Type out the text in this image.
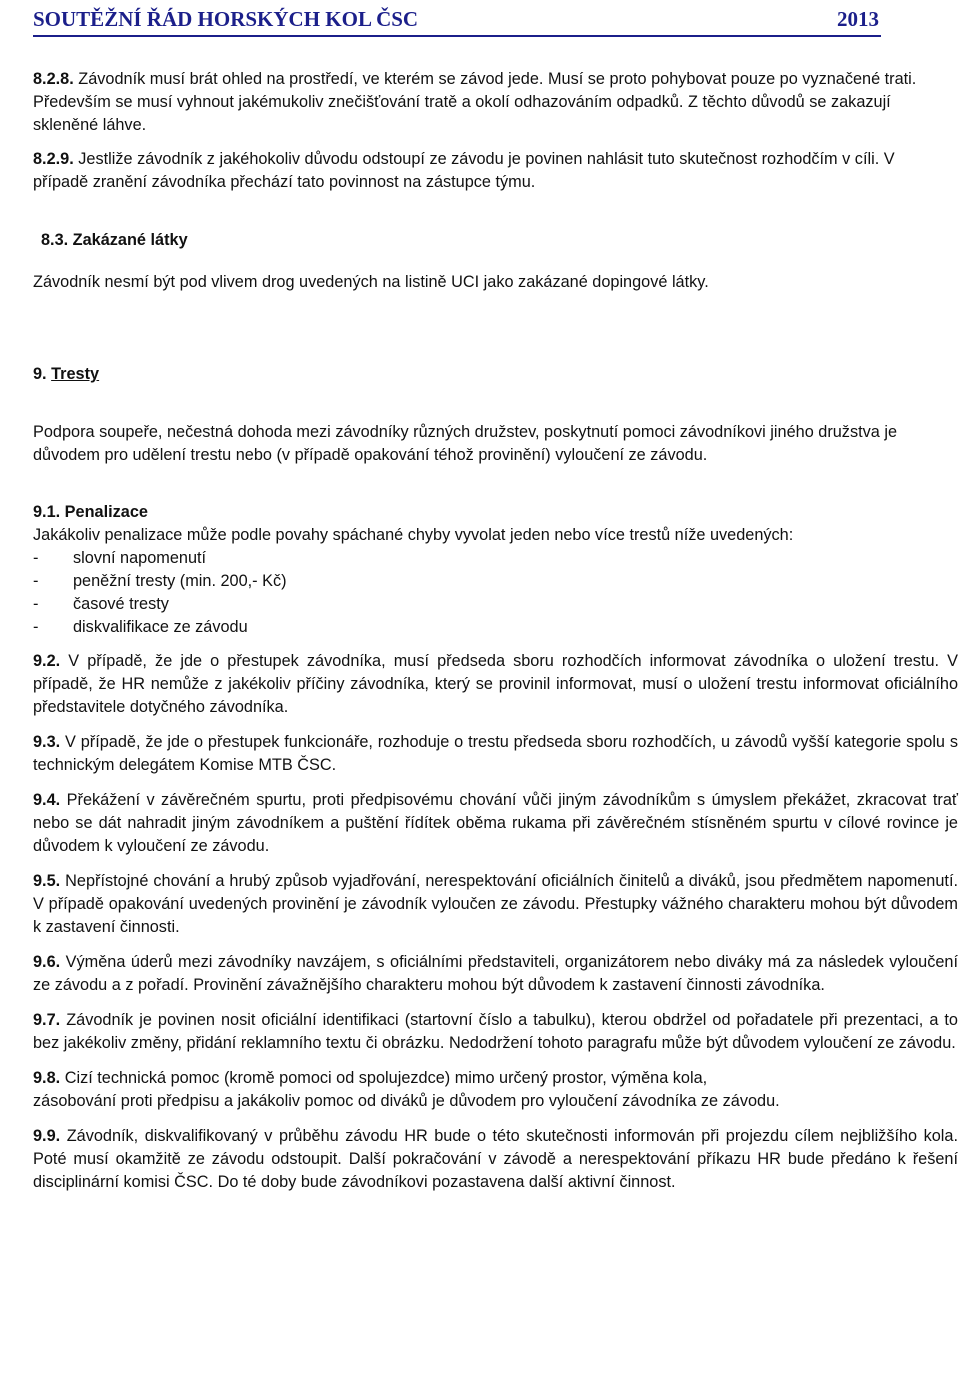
SOUTĚŽNÍ ŘÁD HORSKÝCH KOL ČSC	2013

8.2.8. Závodník musí brát ohled na prostředí, ve kterém se závod jede. Musí se proto pohybovat pouze po vyznačené trati. Především se musí vyhnout jakémukoliv znečišťování tratě a okolí odhazováním odpadků. Z těchto důvodů se zakazují skleněné láhve.

8.2.9. Jestliže závodník z jakéhokoliv důvodu odstoupí ze závodu je povinen nahlásit tuto skutečnost rozhodčím v cíli. V případě zranění závodníka přechází tato povinnost na zástupce týmu.

8.3. Zakázané látky

Závodník nesmí být pod vlivem drog uvedených na listině UCI jako zakázané dopingové látky.

9. Tresty

Podpora soupeře, nečestná dohoda mezi závodníky různých družstev, poskytnutí pomoci závodníkovi jiného družstva je důvodem pro udělení trestu nebo (v případě opakování téhož provinění) vyloučení ze závodu.

9.1. Penalizace

Jakákoliv penalizace může podle povahy spáchané chyby vyvolat jeden nebo více trestů níže uvedených:

-	slovní napomenutí
-	peněžní tresty (min. 200,- Kč)
-	časové tresty
-	diskvalifikace ze závodu

9.2. V případě, že jde o přestupek závodníka, musí předseda sboru rozhodčích informovat závodníka o uložení trestu. V případě, že HR nemůže z jakékoliv příčiny závodníka, který se provinil informovat, musí o uložení trestu informovat oficiálního představitele dotyčného závodníka.

9.3. V případě, že jde o přestupek funkcionáře, rozhoduje o trestu předseda sboru rozhodčích, u závodů vyšší kategorie spolu s technickým delegátem Komise MTB ČSC.

9.4. Překážení v závěrečném spurtu, proti předpisovému chování vůči jiným závodníkům s úmyslem překážet, zkracovat trať nebo se dát nahradit jiným závodníkem a puštění řídítek oběma rukama při závěrečném stísněném spurtu v cílové rovince je důvodem k vyloučení ze závodu.

9.5. Nepřístojné chování a hrubý způsob vyjadřování, nerespektování oficiálních činitelů a diváků, jsou předmětem napomenutí. V případě opakování uvedených provinění je závodník vyloučen ze závodu. Přestupky vážného charakteru mohou být důvodem k zastavení činnosti.

9.6. Výměna úderů mezi závodníky navzájem, s oficiálními představiteli, organizátorem nebo diváky má za následek vyloučení ze závodu a z pořadí. Provinění závažnějšího charakteru mohou být důvodem k zastavení činnosti závodníka.

9.7. Závodník je povinen nosit oficiální identifikaci (startovní číslo a tabulku), kterou obdržel od pořadatele při prezentaci, a to bez jakékoliv změny, přidání reklamního textu či obrázku. Nedodržení tohoto paragrafu může být důvodem vyloučení ze závodu.

9.8. Cizí technická pomoc (kromě pomoci od spolujezdce) mimo určený prostor, výměna kola,

zásobování proti předpisu a jakákoliv pomoc od diváků je důvodem pro vyloučení závodníka ze závodu.

9.9. Závodník, diskvalifikovaný v průběhu závodu HR bude o této skutečnosti informován při projezdu cílem nejbližšího kola. Poté musí okamžitě ze závodu odstoupit. Další pokračování v závodě a nerespektování příkazu HR bude předáno k řešení disciplinární komisi ČSC. Do té doby bude závodníkovi pozastavena další aktivní činnost.
